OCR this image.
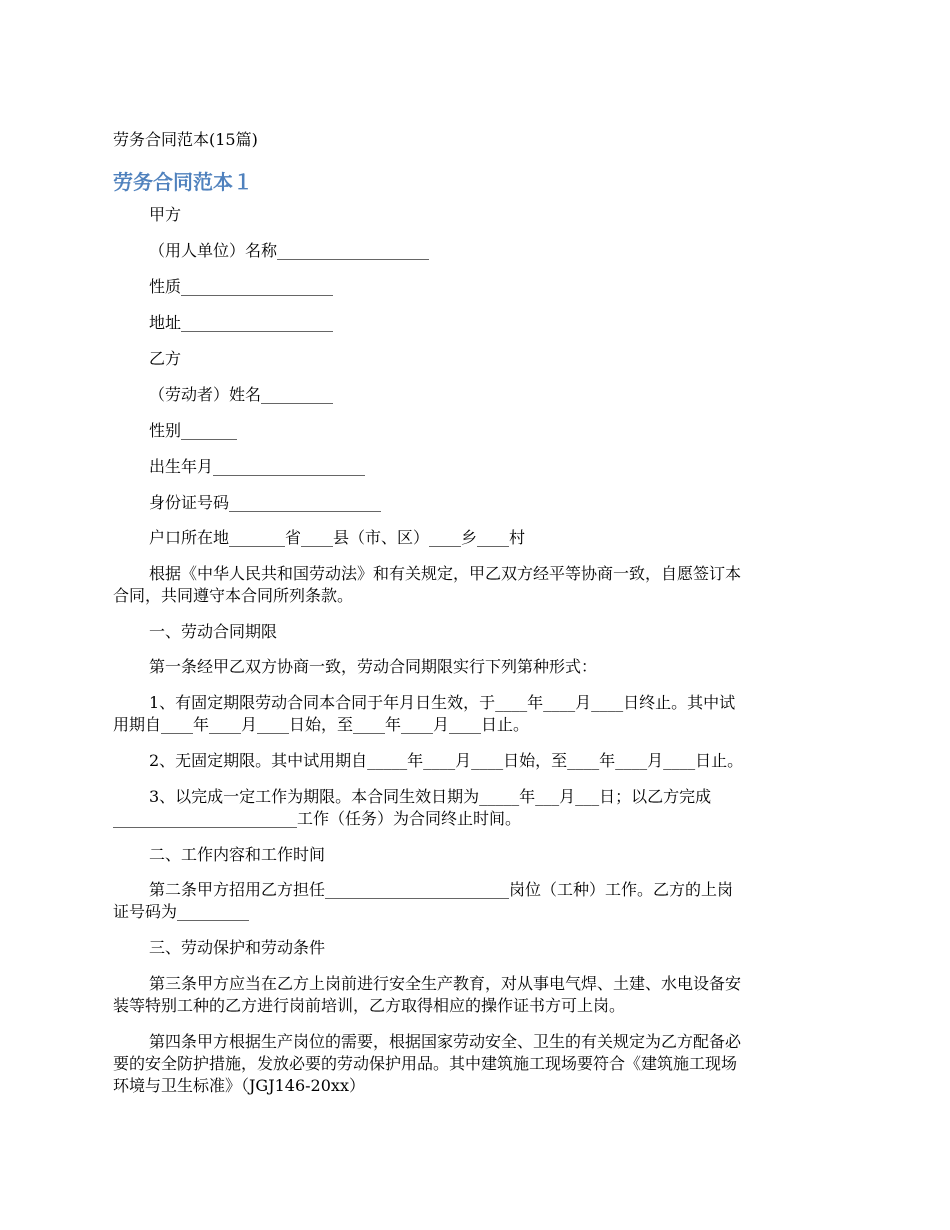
劳务合同范本(15篇)
劳务合同范本１
甲方
（用人单位）名称___________________
性质___________________
地址___________________
乙方
（劳动者）姓名_________
性别_______
出生年月___________________
身份证号码___________________
户口所在地_______省____县（市、区）____乡____村
根据《中华人民共和国劳动法》和有关规定，甲乙双方经平等协商一致，自愿签订本
合同，共同遵守本合同所列条款。
一、劳动合同期限
第一条经甲乙双方协商一致，劳动合同期限实行下列第种形式：
1、有固定期限劳动合同本合同于年月日生效，于____年____月____日终止。其中试
用期自____年____月____日始，至____年____月____日止。
2、无固定期限。其中试用期自_____年____月____日始，至____年____月____日止。
3、以完成一定工作为期限。本合同生效日期为_____年___月___日；以乙方完成
_______________________工作（任务）为合同终止时间。
二、工作内容和工作时间
第二条甲方招用乙方担任_______________________岗位（工种）工作。乙方的上岗
证号码为_________
三、劳动保护和劳动条件
第三条甲方应当在乙方上岗前进行安全生产教育，对从事电气焊、土建、水电设备安
装等特别工种的乙方进行岗前培训，乙方取得相应的操作证书方可上岗。
第四条甲方根据生产岗位的需要，根据国家劳动安全、卫生的有关规定为乙方配备必
要的安全防护措施，发放必要的劳动保护用品。其中建筑施工现场要符合《建筑施工现场
环境与卫生标准》（JGJ146-20xx）
